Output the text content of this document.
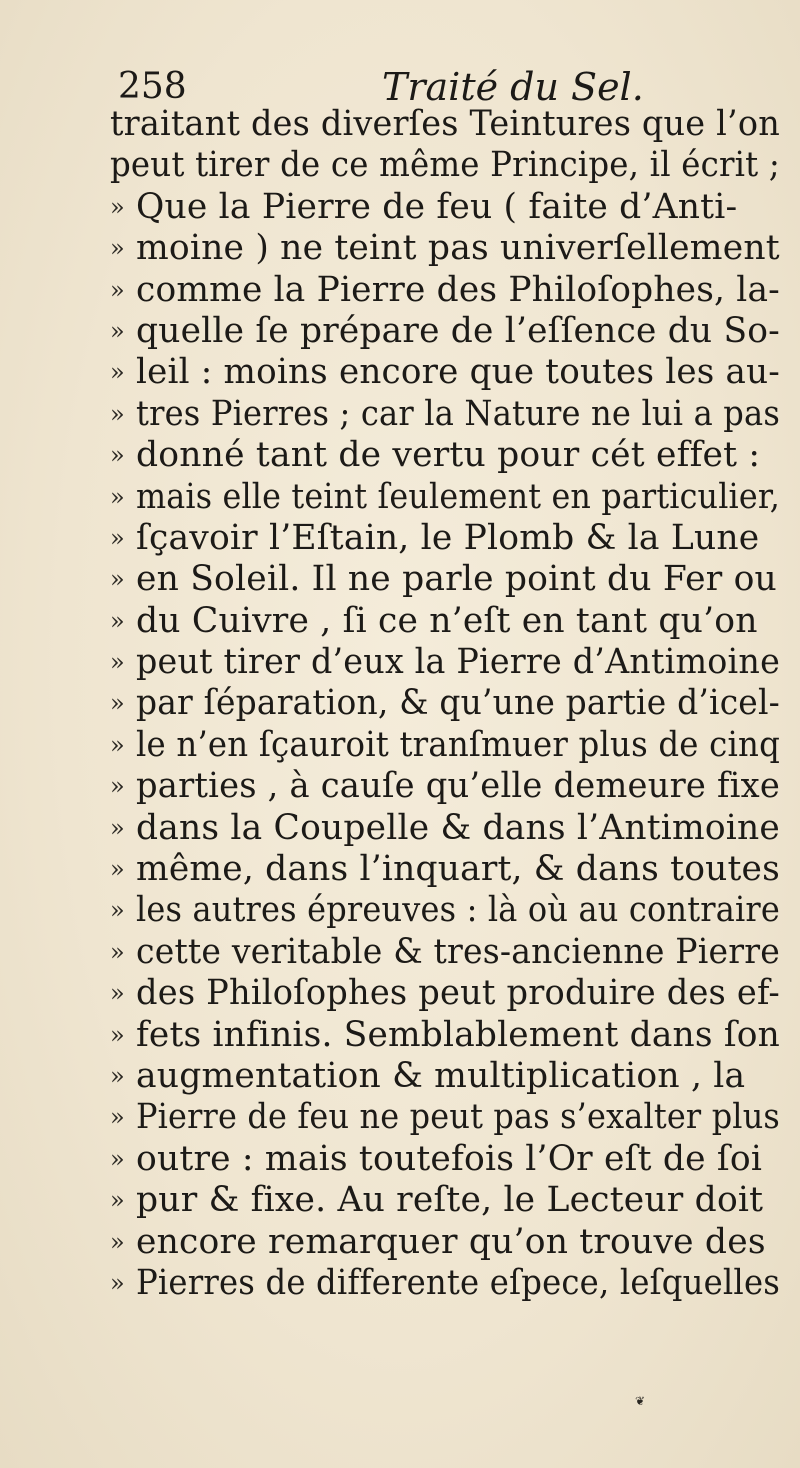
258	Traité du Sel.
traitant des diverſes Teintures que l’on
peut tirer de ce même Principe, il écrit ;
» Que la Pierre de feu ( faite d’Anti-
» moine ) ne teint pas univerſellement
» comme la Pierre des Philoſophes, la-
» quelle ſe prépare de l’eſſence du So-
» leil : moins encore que toutes les au-
» tres Pierres ; car la Nature ne lui a pas
» donné tant de vertu pour cét effet :
» mais elle teint ſeulement en particulier,
» ſçavoir l’Eſtain, le Plomb & la Lune
» en Soleil. Il ne parle point du Fer ou
» du Cuivre , ſi ce n’eſt en tant qu’on
» peut tirer d’eux la Pierre d’Antimoine
» par ſéparation, & qu’une partie d’icel-
» le n’en ſçauroit tranſmuer plus de cinq
» parties , à cauſe qu’elle demeure fixe
» dans la Coupelle & dans l’Antimoine
» même, dans l’inquart, & dans toutes
» les autres épreuves : là où au contraire
» cette veritable & tres-ancienne Pierre
» des Philoſophes peut produire des ef-
» fets infinis. Semblablement dans ſon
» augmentation & multiplication , la
» Pierre de feu ne peut pas s’exalter plus
» outre : mais toutefois l’Or eſt de ſoi
» pur & fixe. Au reſte, le Lecteur doit
» encore remarquer qu’on trouve des
» Pierres de differente eſpece, leſquelles
❦
